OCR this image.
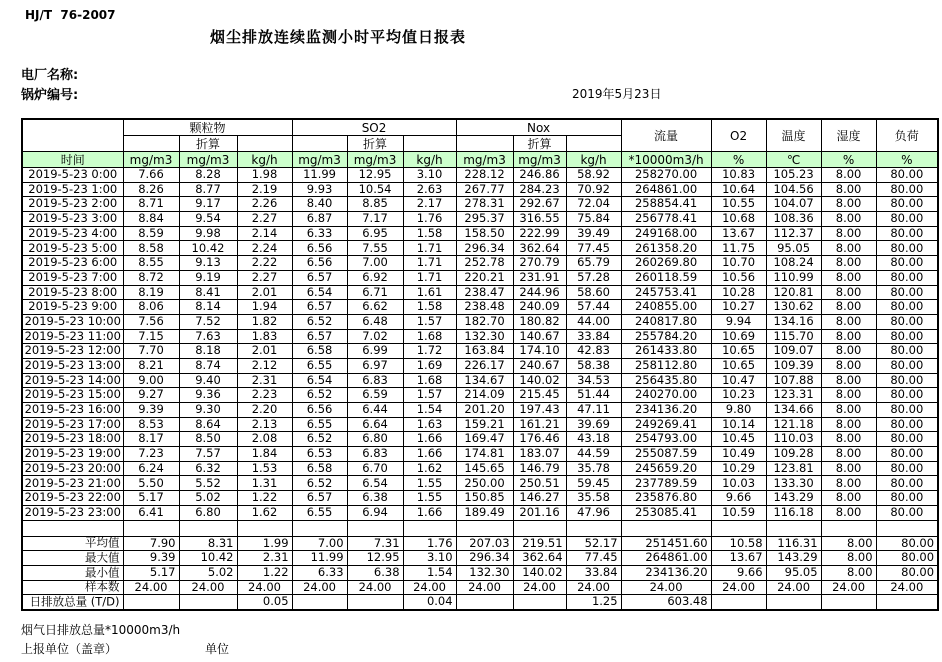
HJ/T  76-2007
烟尘排放连续监测小时平均值日报表
电厂名称:
锅炉编号:	2019年5月23日
	颗粒物			SO2			Nox			流量	O2	温度	湿度	负荷
		折算			折算			折算						
时间	mg/m3	mg/m3	kg/h	mg/m3	mg/m3	kg/h	mg/m3	mg/m3	kg/h	*10000m3/h	%	℃	%	%
2019-5-23 0:00	7.66	8.28	1.98	11.99	12.95	3.10	228.12	246.86	58.92	258270.00	10.83	105.23	8.00	80.00
2019-5-23 1:00	8.26	8.77	2.19	9.93	10.54	2.63	267.77	284.23	70.92	264861.00	10.64	104.56	8.00	80.00
2019-5-23 2:00	8.71	9.17	2.26	8.40	8.85	2.17	278.31	292.67	72.04	258854.41	10.55	104.07	8.00	80.00
2019-5-23 3:00	8.84	9.54	2.27	6.87	7.17	1.76	295.37	316.55	75.84	256778.41	10.68	108.36	8.00	80.00
2019-5-23 4:00	8.59	9.98	2.14	6.33	6.95	1.58	158.50	222.99	39.49	249168.00	13.67	112.37	8.00	80.00
2019-5-23 5:00	8.58	10.42	2.24	6.56	7.55	1.71	296.34	362.64	77.45	261358.20	11.75	95.05	8.00	80.00
2019-5-23 6:00	8.55	9.13	2.22	6.56	7.00	1.71	252.78	270.79	65.79	260269.80	10.70	108.24	8.00	80.00
2019-5-23 7:00	8.72	9.19	2.27	6.57	6.92	1.71	220.21	231.91	57.28	260118.59	10.56	110.99	8.00	80.00
2019-5-23 8:00	8.19	8.41	2.01	6.54	6.71	1.61	238.47	244.96	58.60	245753.41	10.28	120.81	8.00	80.00
2019-5-23 9:00	8.06	8.14	1.94	6.57	6.62	1.58	238.48	240.09	57.44	240855.00	10.27	130.62	8.00	80.00
2019-5-23 10:00	7.56	7.52	1.82	6.52	6.48	1.57	182.70	180.82	44.00	240817.80	9.94	134.16	8.00	80.00
2019-5-23 11:00	7.15	7.63	1.83	6.57	7.02	1.68	132.30	140.67	33.84	255784.20	10.69	115.70	8.00	80.00
2019-5-23 12:00	7.70	8.18	2.01	6.58	6.99	1.72	163.84	174.10	42.83	261433.80	10.65	109.07	8.00	80.00
2019-5-23 13:00	8.21	8.74	2.12	6.55	6.97	1.69	226.17	240.67	58.38	258112.80	10.65	109.39	8.00	80.00
2019-5-23 14:00	9.00	9.40	2.31	6.54	6.83	1.68	134.67	140.02	34.53	256435.80	10.47	107.88	8.00	80.00
2019-5-23 15:00	9.27	9.36	2.23	6.52	6.59	1.57	214.09	215.45	51.44	240270.00	10.23	123.31	8.00	80.00
2019-5-23 16:00	9.39	9.30	2.20	6.56	6.44	1.54	201.20	197.43	47.11	234136.20	9.80	134.66	8.00	80.00
2019-5-23 17:00	8.53	8.64	2.13	6.55	6.64	1.63	159.21	161.21	39.69	249269.41	10.14	121.18	8.00	80.00
2019-5-23 18:00	8.17	8.50	2.08	6.52	6.80	1.66	169.47	176.46	43.18	254793.00	10.45	110.03	8.00	80.00
2019-5-23 19:00	7.23	7.57	1.84	6.53	6.83	1.66	174.81	183.07	44.59	255087.59	10.49	109.28	8.00	80.00
2019-5-23 20:00	6.24	6.32	1.53	6.58	6.70	1.62	145.65	146.79	35.78	245659.20	10.29	123.81	8.00	80.00
2019-5-23 21:00	5.50	5.52	1.31	6.52	6.54	1.55	250.00	250.51	59.45	237789.59	10.03	133.30	8.00	80.00
2019-5-23 22:00	5.17	5.02	1.22	6.57	6.38	1.55	150.85	146.27	35.58	235876.80	9.66	143.29	8.00	80.00
2019-5-23 23:00	6.41	6.80	1.62	6.55	6.94	1.66	189.49	201.16	47.96	253085.41	10.59	116.18	8.00	80.00

平均值	7.90	8.31	1.99	7.00	7.31	1.76	207.03	219.51	52.17	251451.60	10.58	116.31	8.00	80.00

最大值	9.39	10.42	2.31	11.99	12.95	3.10	296.34	362.64	77.45	264861.00	13.67	143.29	8.00	80.00

最小值	5.17	5.02	1.22	6.33	6.38	1.54	132.30	140.02	33.84	234136.20	9.66	95.05	8.00	80.00

样本数	24.00	24.00	24.00	24.00	24.00	24.00	24.00	24.00	24.00	24.00	24.00	24.00	24.00	24.00

日排放总量 (T/D)			0.05			0.04			1.25	603.48				
烟气日排放总量*10000m3/h
上报单位（盖章）	单位
